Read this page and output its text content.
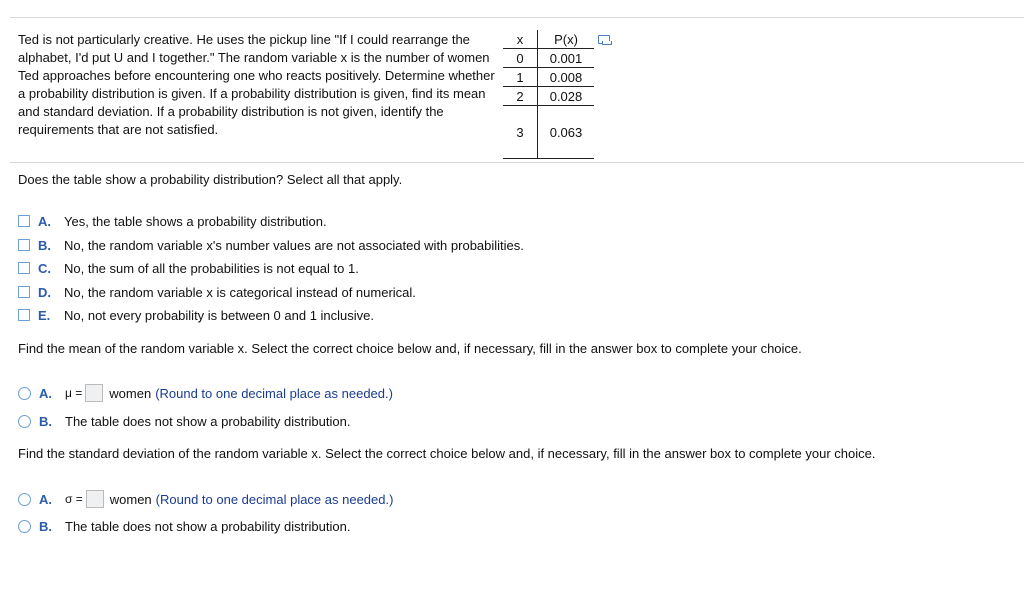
Ted is not particularly creative. He uses the pickup line "If I could rearrange the alphabet, I'd put U and I together." The random variable x is the number of women Ted approaches before encountering one who reacts positively. Determine whether a probability distribution is given. If a probability distribution is given, find its mean and standard deviation. If a probability distribution is not given, identify the requirements that are not satisfied.
x	P(x)
0	0.001
1	0.008
2	0.028
3	0.063
Does the table show a probability distribution? Select all that apply.
A.	Yes, the table shows a probability distribution.
B.	No, the random variable x's number values are not associated with probabilities.
C.	No, the sum of all the probabilities is not equal to 1.
D.	No, the random variable x is categorical instead of numerical.
E.	No, not every probability is between 0 and 1 inclusive.
Find the mean of the random variable x. Select the correct choice below and, if necessary, fill in the answer box to complete your choice.
A.	μ = women (Round to one decimal place as needed.)
B.	The table does not show a probability distribution.
Find the standard deviation of the random variable x. Select the correct choice below and, if necessary, fill in the answer box to complete your choice.
A.	σ = women (Round to one decimal place as needed.)
B.	The table does not show a probability distribution.
